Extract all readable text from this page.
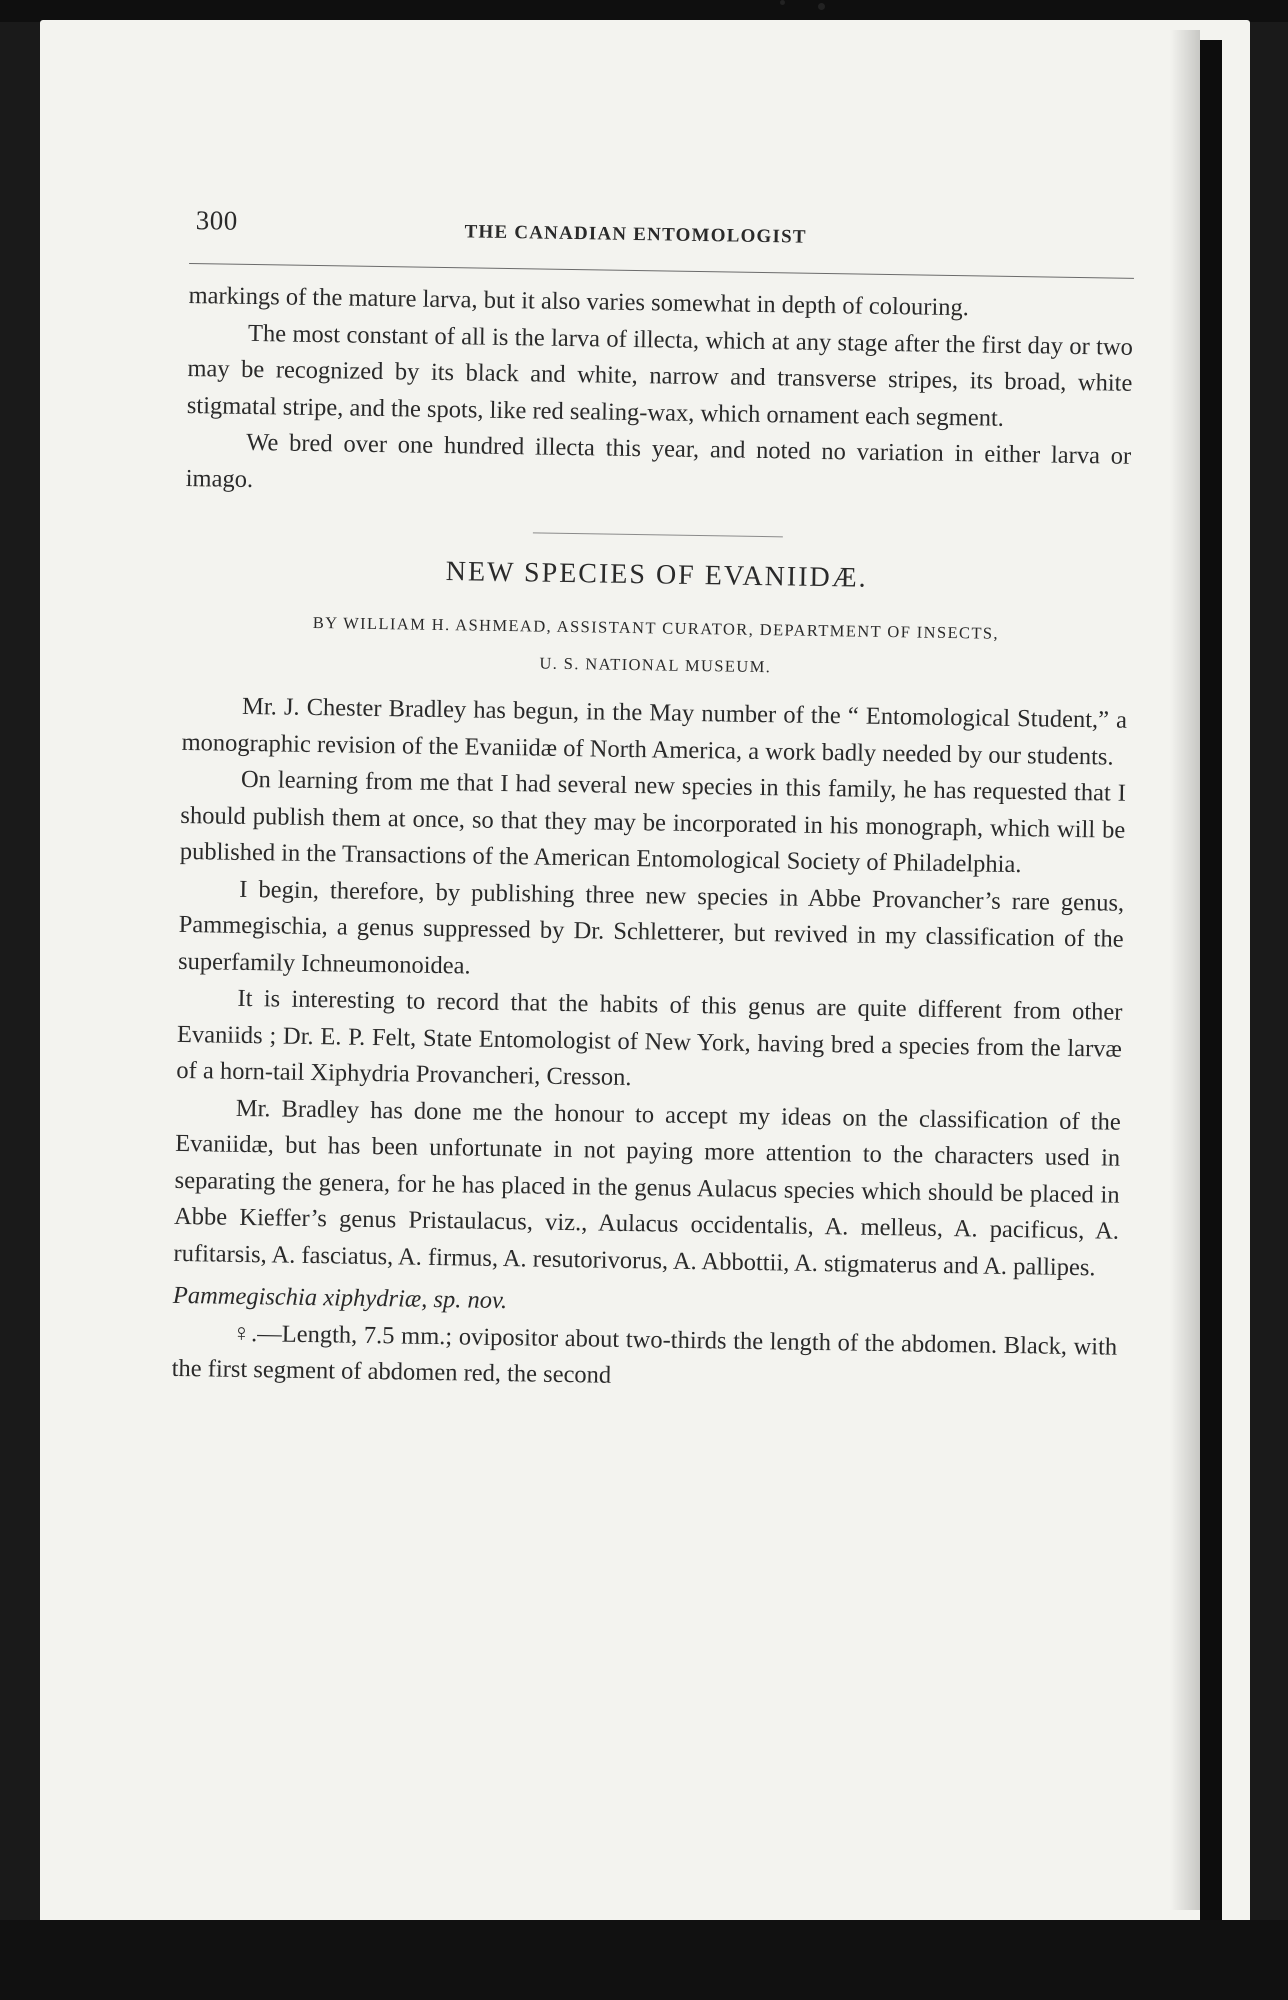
300	THE CANADIAN ENTOMOLOGIST

markings of the mature larva, but it also varies somewhat in depth of colouring.

The most constant of all is the larva of illecta, which at any stage after the first day or two may be recognized by its black and white, narrow and transverse stripes, its broad, white stigmatal stripe, and the spots, like red sealing-wax, which ornament each segment.

We bred over one hundred illecta this year, and noted no variation in either larva or imago.

NEW SPECIES OF EVANIIDÆ.
BY WILLIAM H. ASHMEAD, ASSISTANT CURATOR, DEPARTMENT OF INSECTS,
U. S. NATIONAL MUSEUM.

Mr. J. Chester Bradley has begun, in the May number of the “ Entomological Student,” a monographic revision of the Evaniidæ of North America, a work badly needed by our students.

On learning from me that I had several new species in this family, he has requested that I should publish them at once, so that they may be incorporated in his monograph, which will be published in the Transactions of the American Entomological Society of Philadelphia.

I begin, therefore, by publishing three new species in Abbe Provancher’s rare genus, Pammegischia, a genus suppressed by Dr. Schletterer, but revived in my classification of the superfamily Ichneumonoidea.

It is interesting to record that the habits of this genus are quite different from other Evaniids ; Dr. E. P. Felt, State Entomologist of New York, having bred a species from the larvæ of a horn-tail Xiphydria Provancheri, Cresson.

Mr. Bradley has done me the honour to accept my ideas on the classification of the Evaniidæ, but has been unfortunate in not paying more attention to the characters used in separating the genera, for he has placed in the genus Aulacus species which should be placed in Abbe Kieffer’s genus Pristaulacus, viz., Aulacus occidentalis, A. melleus, A. pacificus, A. rufitarsis, A. fasciatus, A. firmus, A. resutorivorus, A. Abbottii, A. stigmaterus and A. pallipes.

Pammegischia xiphydriæ, sp. nov.

♀.—Length, 7.5 mm.; ovipositor about two-thirds the length of the abdomen. Black, with the first segment of abdomen red, the second
